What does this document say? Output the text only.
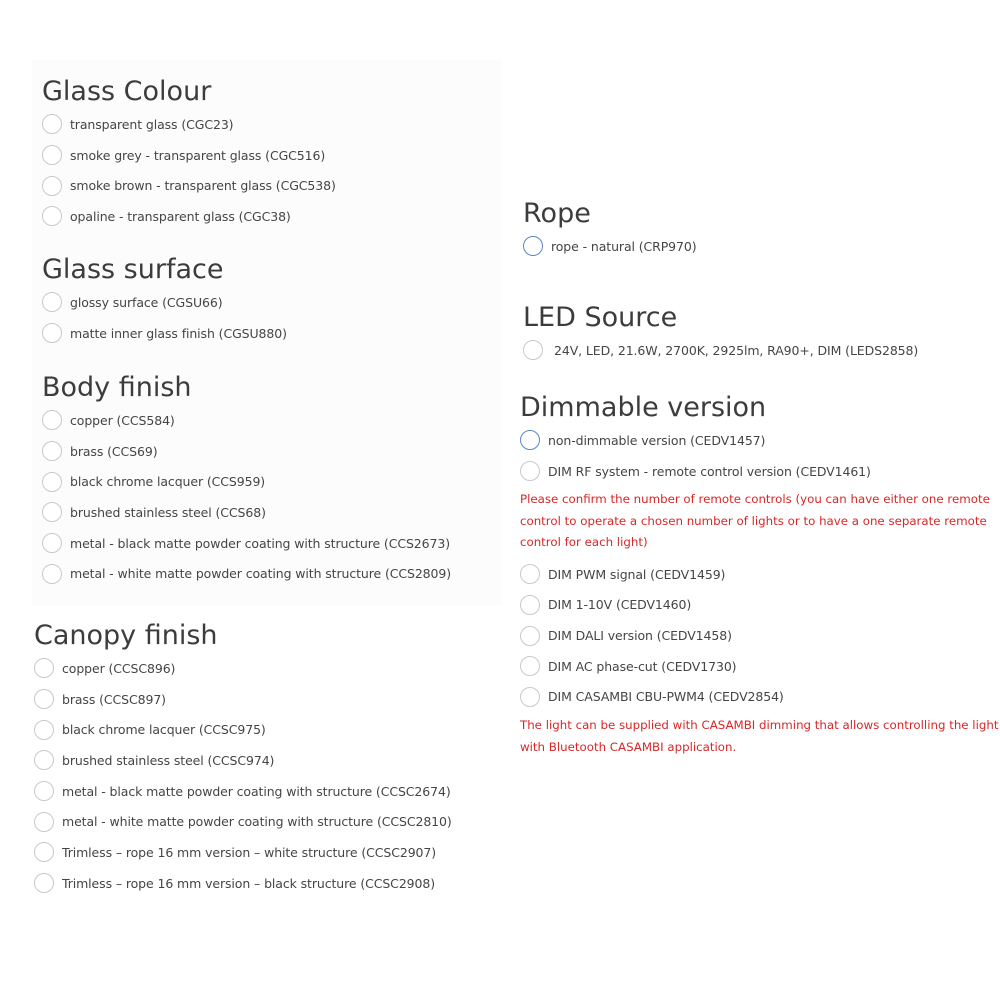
Glass Colour
transparent glass (CGC23)
smoke grey - transparent glass (CGC516)
smoke brown - transparent glass (CGC538)
opaline - transparent glass (CGC38)
Glass surface
glossy surface (CGSU66)
matte inner glass finish (CGSU880)
Body finish
copper (CCS584)
brass (CCS69)
black chrome lacquer (CCS959)
brushed stainless steel (CCS68)
metal - black matte powder coating with structure (CCS2673)
metal - white matte powder coating with structure (CCS2809)
Canopy finish
copper (CCSC896)
brass (CCSC897)
black chrome lacquer (CCSC975)
brushed stainless steel (CCSC974)
metal - black matte powder coating with structure (CCSC2674)
metal - white matte powder coating with structure (CCSC2810)
Trimless – rope 16 mm version – white structure (CCSC2907)
Trimless – rope 16 mm version – black structure (CCSC2908)
Rope
rope - natural (CRP970)
LED Source
24V, LED, 21.6W, 2700K, 2925lm, RA90+, DIM (LEDS2858)
Dimmable version
non-dimmable version (CEDV1457)
DIM RF system - remote control version (CEDV1461)

Please confirm the number of remote controls (you can have either one remote

control to operate a chosen number of lights or to have a one separate remote

control for each light)

DIM PWM signal (CEDV1459)
DIM 1-10V (CEDV1460)
DIM DALI version (CEDV1458)
DIM AC phase-cut (CEDV1730)
DIM CASAMBI CBU-PWM4 (CEDV2854)

The light can be supplied with CASAMBI dimming that allows controlling the light

with Bluetooth CASAMBI application.
